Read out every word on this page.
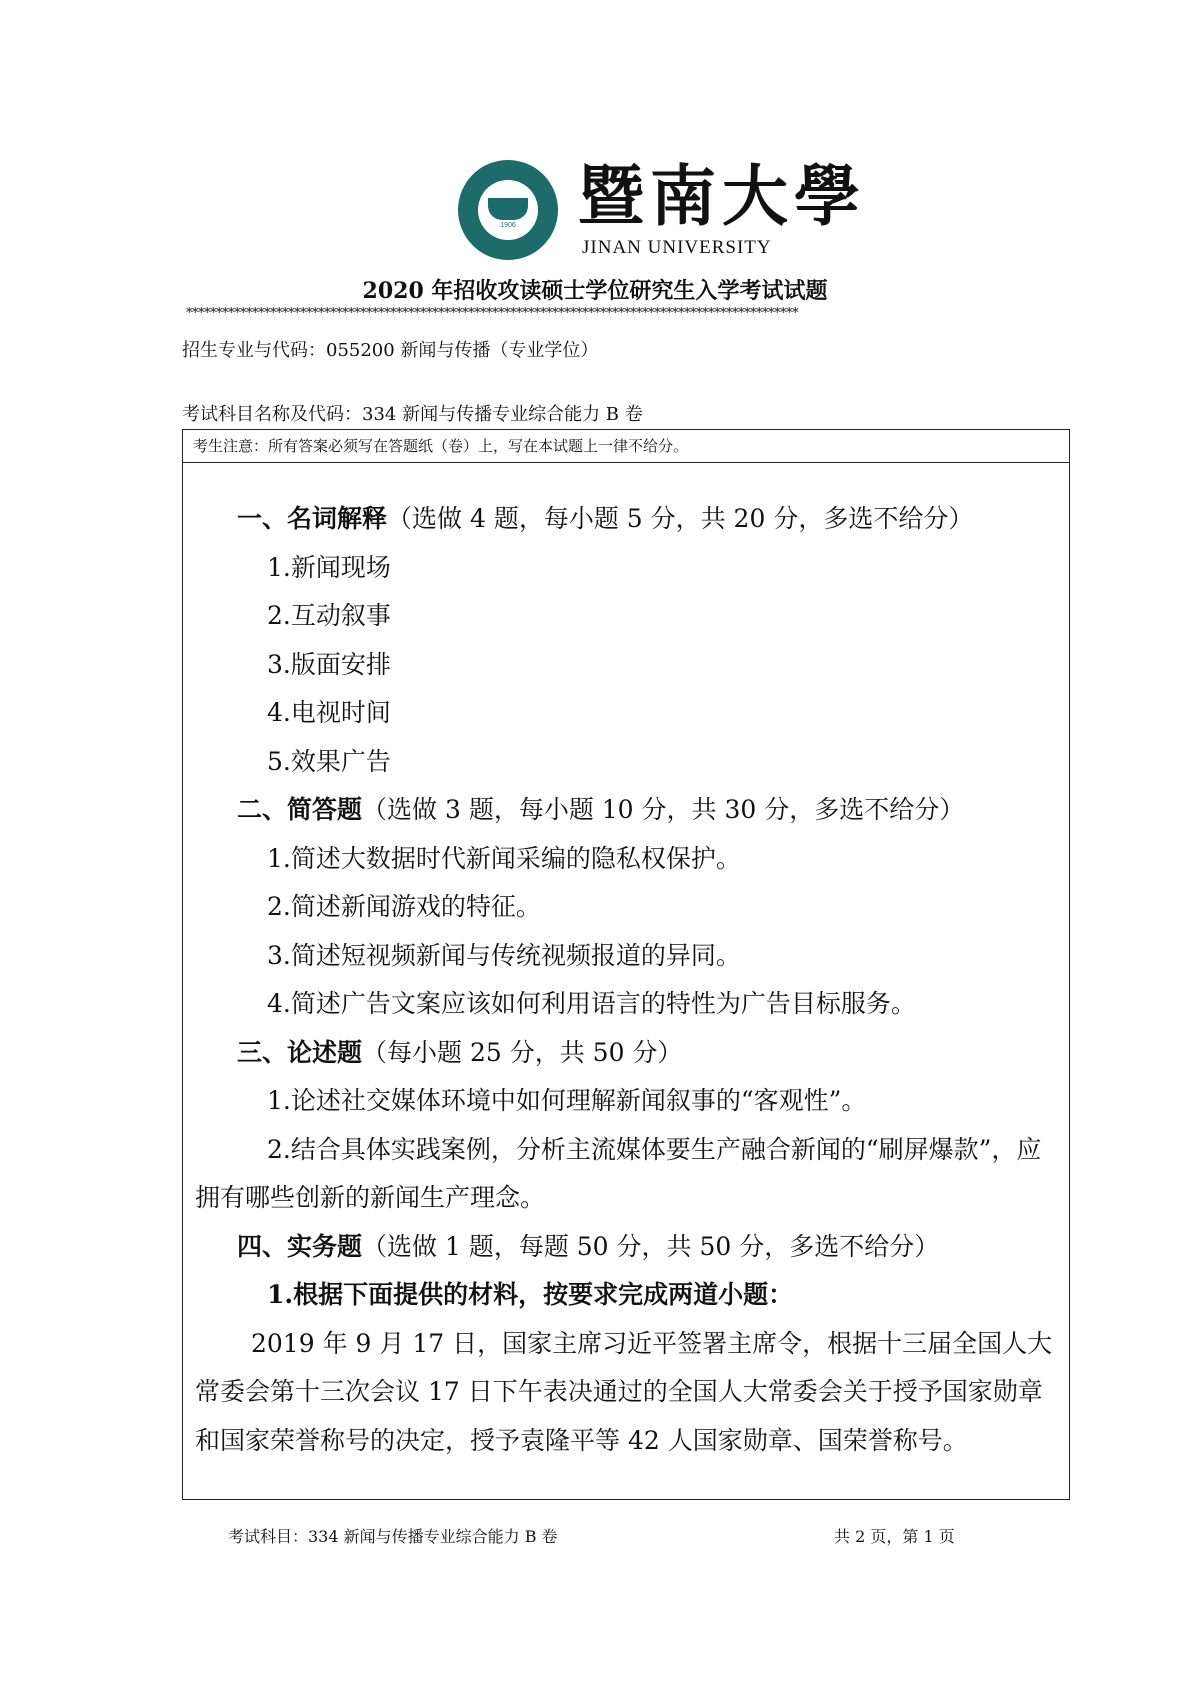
1906 暨南大學
JINAN UNIVERSITY
2020 年招收攻读硕士学位研究生入学考试试题
******************************************************************************************************
招生专业与代码：055200 新闻与传播（专业学位）
考试科目名称及代码：334 新闻与传播专业综合能力 B 卷
考生注意：所有答案必须写在答题纸（卷）上，写在本试题上一律不给分。
一、名词解释（选做 4 题，每小题 5 分，共 20 分，多选不给分）
1.新闻现场
2.互动叙事
3.版面安排
4.电视时间
5.效果广告
二、简答题（选做 3 题，每小题 10 分，共 30 分，多选不给分）
1.简述大数据时代新闻采编的隐私权保护。
2.简述新闻游戏的特征。
3.简述短视频新闻与传统视频报道的异同。
4.简述广告文案应该如何利用语言的特性为广告目标服务。
三、论述题（每小题 25 分，共 50 分）
1.论述社交媒体环境中如何理解新闻叙事的“客观性”。
2.结合具体实践案例，分析主流媒体要生产融合新闻的“刷屏爆款”，应拥有哪些创新的新闻生产理念。
四、实务题（选做 1 题，每题 50 分，共 50 分，多选不给分）
1.根据下面提供的材料，按要求完成两道小题：
2019 年 9 月 17 日，国家主席习近平签署主席令，根据十三届全国人大常委会第十三次会议 17 日下午表决通过的全国人大常委会关于授予国家勋章和国家荣誉称号的决定，授予袁隆平等 42 人国家勋章、国荣誉称号。
考试科目：334 新闻与传播专业综合能力 B 卷	共 2 页，第 1 页
